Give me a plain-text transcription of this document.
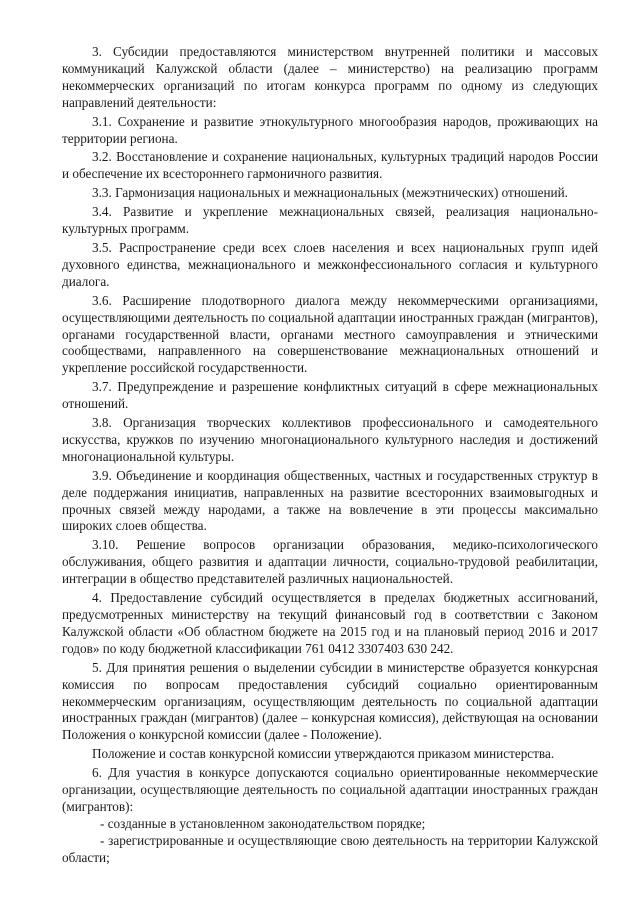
3. Субсидии предоставляются министерством внутренней политики и массовых коммуникаций Калужской области (далее – министерство) на реализацию программ некоммерческих организаций по итогам конкурса программ по одному из следующих направлений деятельности:

3.1. Сохранение и развитие этнокультурного многообразия народов, проживающих на территории региона.

3.2. Восстановление и сохранение национальных, культурных традиций народов России и обеспечение их всестороннего гармоничного развития.

3.3. Гармонизация национальных и межнациональных (межэтнических) отношений.

3.4. Развитие и укрепление межнациональных связей, реализация национально-культурных программ.

3.5. Распространение среди всех слоев населения и всех национальных групп идей духовного единства, межнационального и межконфессионального согласия и культурного диалога.

3.6. Расширение плодотворного диалога между некоммерческими организациями, осуществляющими деятельность по социальной адаптации иностранных граждан (мигрантов), органами государственной власти, органами местного самоуправления и этническими сообществами, направленного на совершенствование межнациональных отношений и укрепление российской государственности.

3.7. Предупреждение и разрешение конфликтных ситуаций в сфере межнациональных отношений.

3.8. Организация творческих коллективов профессионального и самодеятельного искусства, кружков по изучению многонационального культурного наследия и достижений многонациональной культуры.

3.9. Объединение и координация общественных, частных и государственных структур в деле поддержания инициатив, направленных на развитие всесторонних взаимовыгодных и прочных связей между народами, а также на вовлечение в эти процессы максимально широких слоев общества.

3.10. Решение вопросов организации образования, медико-психологического обслуживания, общего развития и адаптации личности, социально-трудовой реабилитации, интеграции в общество представителей различных национальностей.

4. Предоставление субсидий осуществляется в пределах бюджетных ассигнований, предусмотренных министерству на текущий финансовый год в соответствии с Законом Калужской области «Об областном бюджете на 2015 год и на плановый период 2016 и 2017 годов» по коду бюджетной классификации 761 0412 3307403 630 242.

5. Для принятия решения о выделении субсидии в министерстве образуется конкурсная комиссия по вопросам предоставления субсидий социально ориентированным некоммерческим организациям, осуществляющим деятельность по социальной адаптации иностранных граждан (мигрантов) (далее – конкурсная комиссия), действующая на основании Положения о конкурсной комиссии (далее - Положение).

Положение и состав конкурсной комиссии утверждаются приказом министерства.

6. Для участия в конкурсе допускаются социально ориентированные некоммерческие организации, осуществляющие деятельность по социальной адаптации иностранных граждан (мигрантов):

- созданные в установленном законодательством порядке;

- зарегистрированные и осуществляющие свою деятельность на территории Калужской области;
